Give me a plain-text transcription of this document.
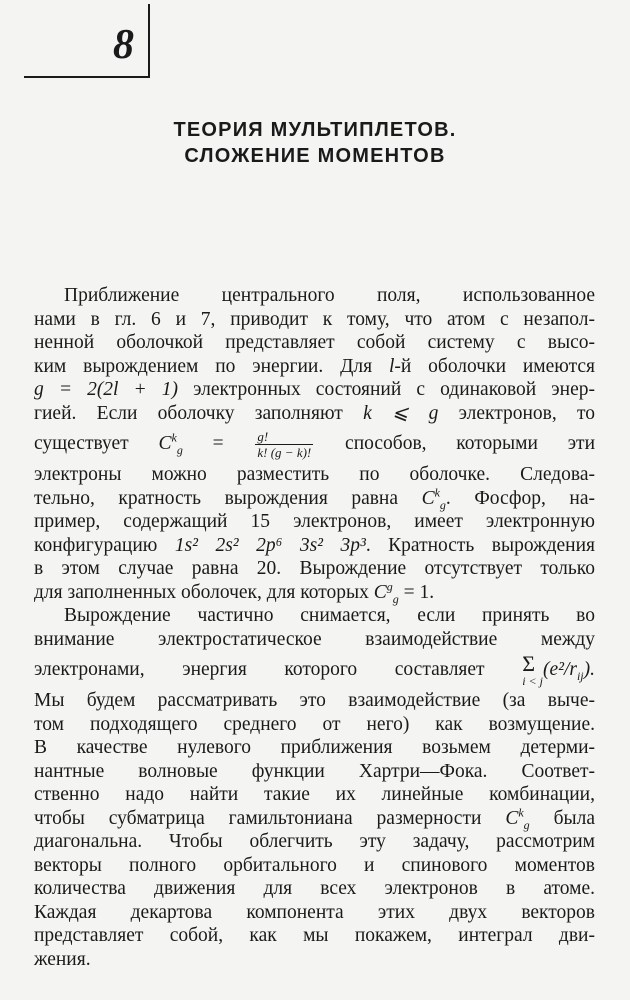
8
ТЕОРИЯ МУЛЬТИПЛЕТОВ.
СЛОЖЕНИЕ МОМЕНТОВ
Приближение центрального поля, использованное
нами в гл. 6 и 7, приводит к тому, что атом с незапол-
ненной оболочкой представляет собой систему с высо-
ким вырождением по энергии. Для l-й оболочки имеются
g = 2(2l + 1) электронных состояний с одинаковой энер-
гией. Если оболочку заполняют k ⩽ g электронов, то
существует $C^k_g = \frac{g!}{k! (g - k)!}$ способов, которыми эти
электроны можно разместить по оболочке. Следова-
тельно, кратность вырождения равна $C^k_g$. Фосфор, на-
пример, содержащий 15 электронов, имеет электронную
конфигурацию 1s² 2s² 2p⁶ 3s² 3p³. Кратность вырождения
в этом случае равна 20. Вырождение отсутствует только
для заполненных оболочек, для которых $C^g_g = 1$.
Вырождение частично снимается, если принять во
внимание электростатическое взаимодействие между
электронами, энергия которого составляет Σ
i < j
$(e^2/r_{ij})$.
Мы будем рассматривать это взаимодействие (за выче-
том подходящего среднего от него) как возмущение.
В качестве нулевого приближения возьмем детерми-
нантные волновые функции Хартри—Фока. Соответ-
ственно надо найти такие их линейные комбинации,
чтобы субматрица гамильтониана размерности $C^k_g$ была
диагональна. Чтобы облегчить эту задачу, рассмотрим
векторы полного орбитального и спинового моментов
количества движения для всех электронов в атоме.
Каждая декартова компонента этих двух векторов
представляет собой, как мы покажем, интеграл дви-
жения.
